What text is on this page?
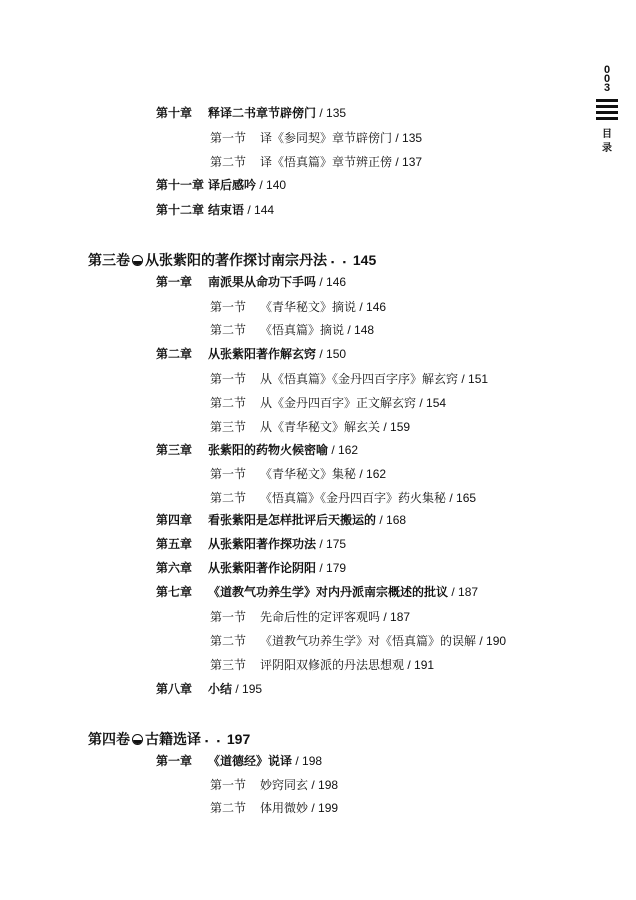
0
0
3
目
录
第十章 释译二书章节辟傍门 / 135
第一节 译《参同契》章节辟傍门 / 135
第二节 译《悟真篇》章节辨正傍 / 137
第十一章 译后感吟 / 140
第十二章 结束语 / 144
第三卷 从张紫阳的著作探讨南宗丹法 ▪ ▪ 145
第一章 南派果从命功下手吗 / 146
第一节 《青华秘文》摘说 / 146
第二节 《悟真篇》摘说 / 148
第二章 从张紫阳著作解玄窍 / 150
第一节 从《悟真篇》《金丹四百字序》解玄窍 / 151
第二节 从《金丹四百字》正文解玄窍 / 154
第三节 从《青华秘文》解玄关 / 159
第三章 张紫阳的药物火候密喻 / 162
第一节 《青华秘文》集秘 / 162
第二节 《悟真篇》《金丹四百字》药火集秘 / 165
第四章 看张紫阳是怎样批评后天搬运的 / 168
第五章 从张紫阳著作探功法 / 175
第六章 从张紫阳著作论阴阳 / 179
第七章 《道教气功养生学》对内丹派南宗概述的批议 / 187
第一节 先命后性的定评客观吗 / 187
第二节 《道教气功养生学》对《悟真篇》的误解 / 190
第三节 评阴阳双修派的丹法思想观 / 191
第八章 小结 / 195
第四卷 古籍选译 ▪ ▪ 197
第一章 《道德经》说译 / 198
第一节 妙窍同玄 / 198
第二节 体用微妙 / 199
